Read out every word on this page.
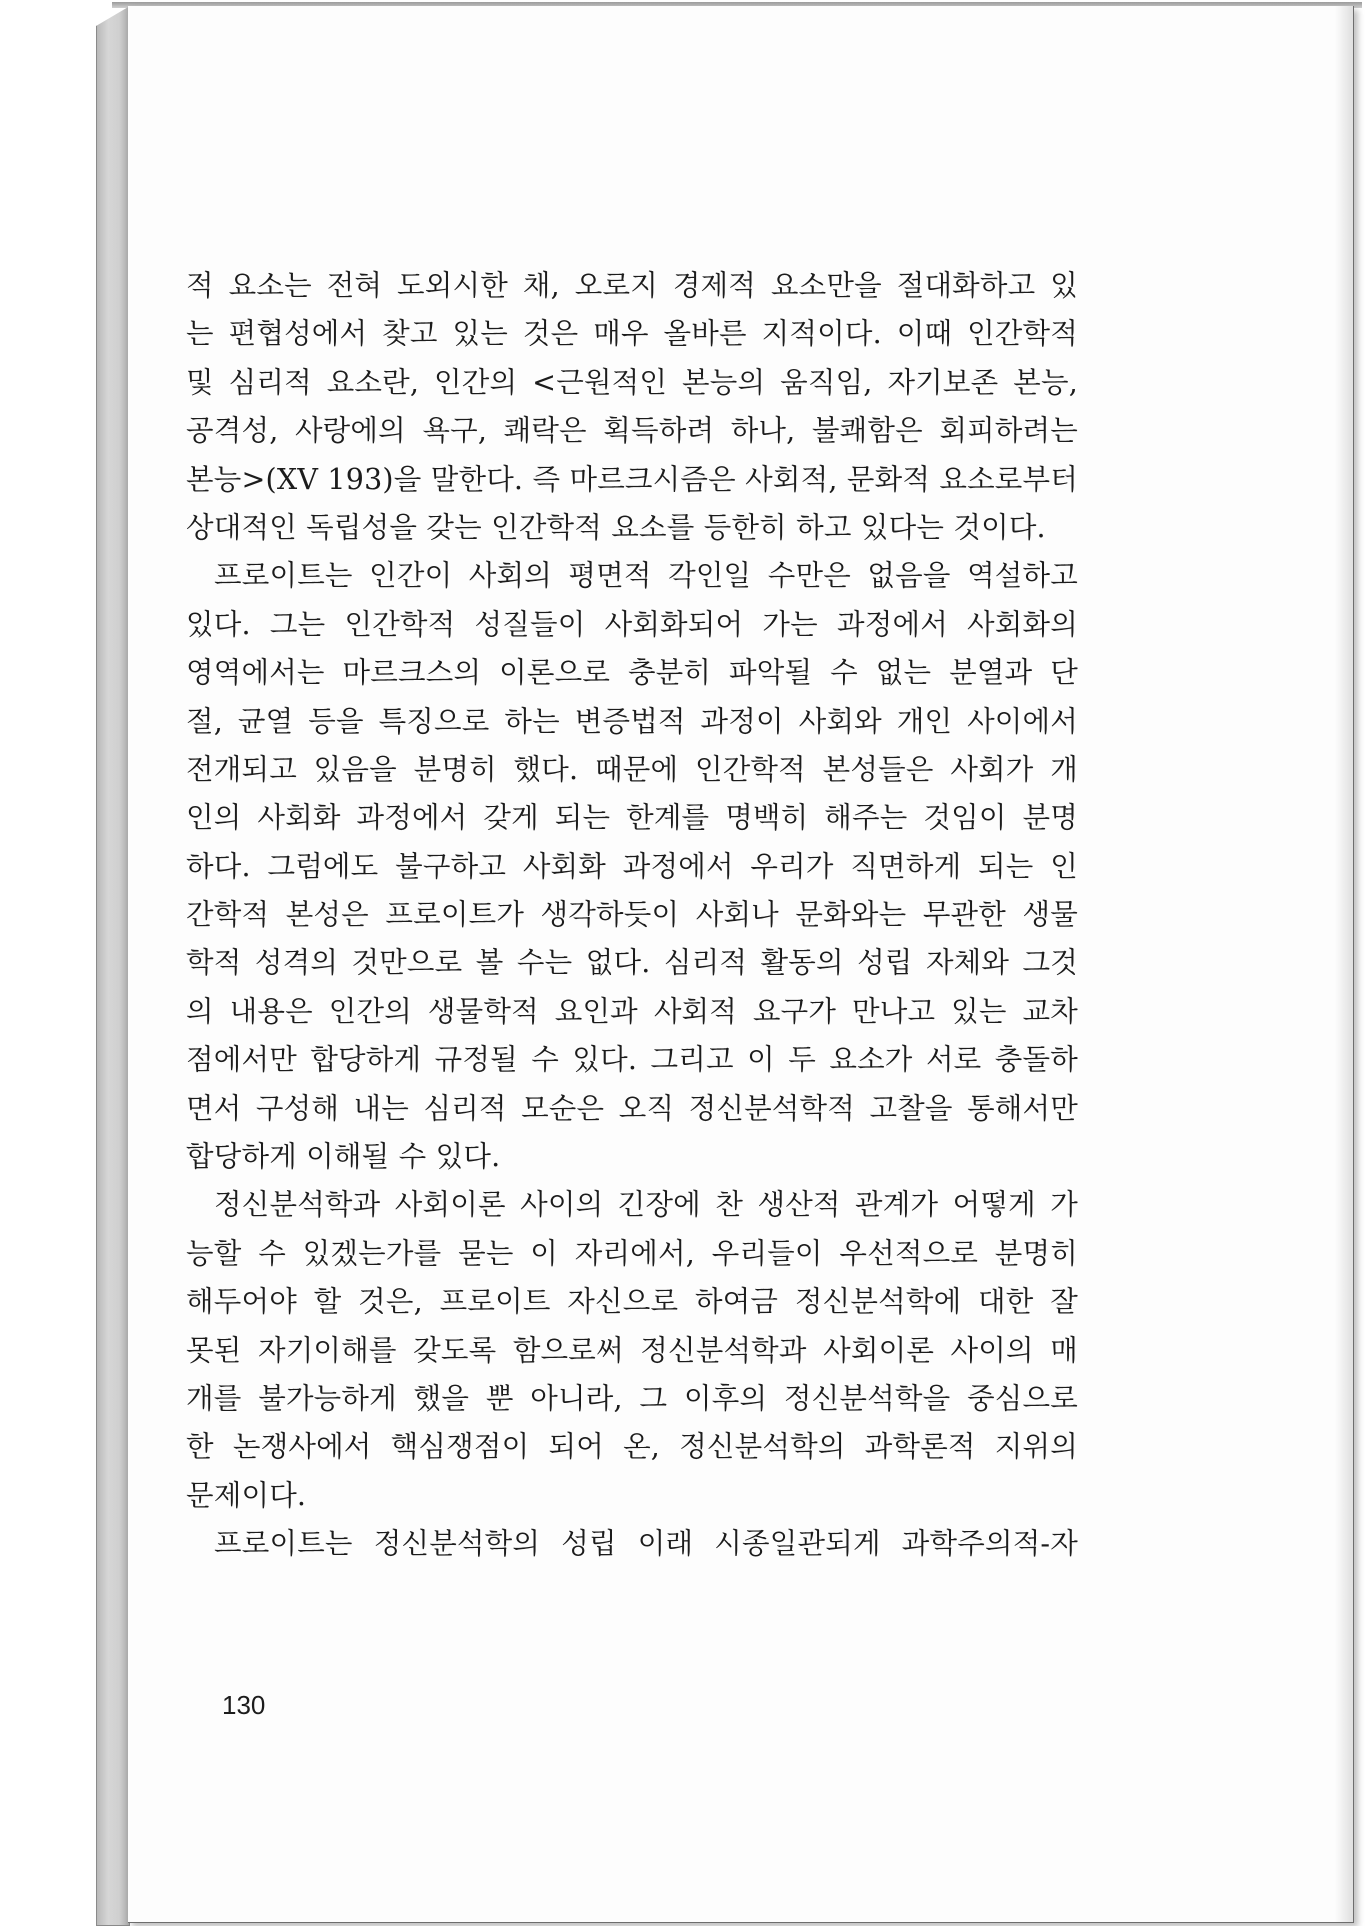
적 요소는 전혀 도외시한 채, 오로지 경제적 요소만을 절대화하고 있
는 편협성에서 찾고 있는 것은 매우 올바른 지적이다. 이때 인간학적
및 심리적 요소란, 인간의 <근원적인 본능의 움직임, 자기보존 본능,
공격성, 사랑에의 욕구, 쾌락은 획득하려 하나, 불쾌함은 회피하려는
본능>(XV 193)을 말한다. 즉 마르크시즘은 사회적, 문화적 요소로부터
상대적인 독립성을 갖는 인간학적 요소를 등한히 하고 있다는 것이다.
프로이트는 인간이 사회의 평면적 각인일 수만은 없음을 역설하고
있다. 그는 인간학적 성질들이 사회화되어 가는 과정에서 사회화의
영역에서는 마르크스의 이론으로 충분히 파악될 수 없는 분열과 단
절, 균열 등을 특징으로 하는 변증법적 과정이 사회와 개인 사이에서
전개되고 있음을 분명히 했다. 때문에 인간학적 본성들은 사회가 개
인의 사회화 과정에서 갖게 되는 한계를 명백히 해주는 것임이 분명
하다. 그럼에도 불구하고 사회화 과정에서 우리가 직면하게 되는 인
간학적 본성은 프로이트가 생각하듯이 사회나 문화와는 무관한 생물
학적 성격의 것만으로 볼 수는 없다. 심리적 활동의 성립 자체와 그것
의 내용은 인간의 생물학적 요인과 사회적 요구가 만나고 있는 교차
점에서만 합당하게 규정될 수 있다. 그리고 이 두 요소가 서로 충돌하
면서 구성해 내는 심리적 모순은 오직 정신분석학적 고찰을 통해서만
합당하게 이해될 수 있다.
정신분석학과 사회이론 사이의 긴장에 찬 생산적 관계가 어떻게 가
능할 수 있겠는가를 묻는 이 자리에서, 우리들이 우선적으로 분명히
해두어야 할 것은, 프로이트 자신으로 하여금 정신분석학에 대한 잘
못된 자기이해를 갖도록 함으로써 정신분석학과 사회이론 사이의 매
개를 불가능하게 했을 뿐 아니라, 그 이후의 정신분석학을 중심으로
한 논쟁사에서 핵심쟁점이 되어 온, 정신분석학의 과학론적 지위의
문제이다.
프로이트는 정신분석학의 성립 이래 시종일관되게 과학주의적-자
130
